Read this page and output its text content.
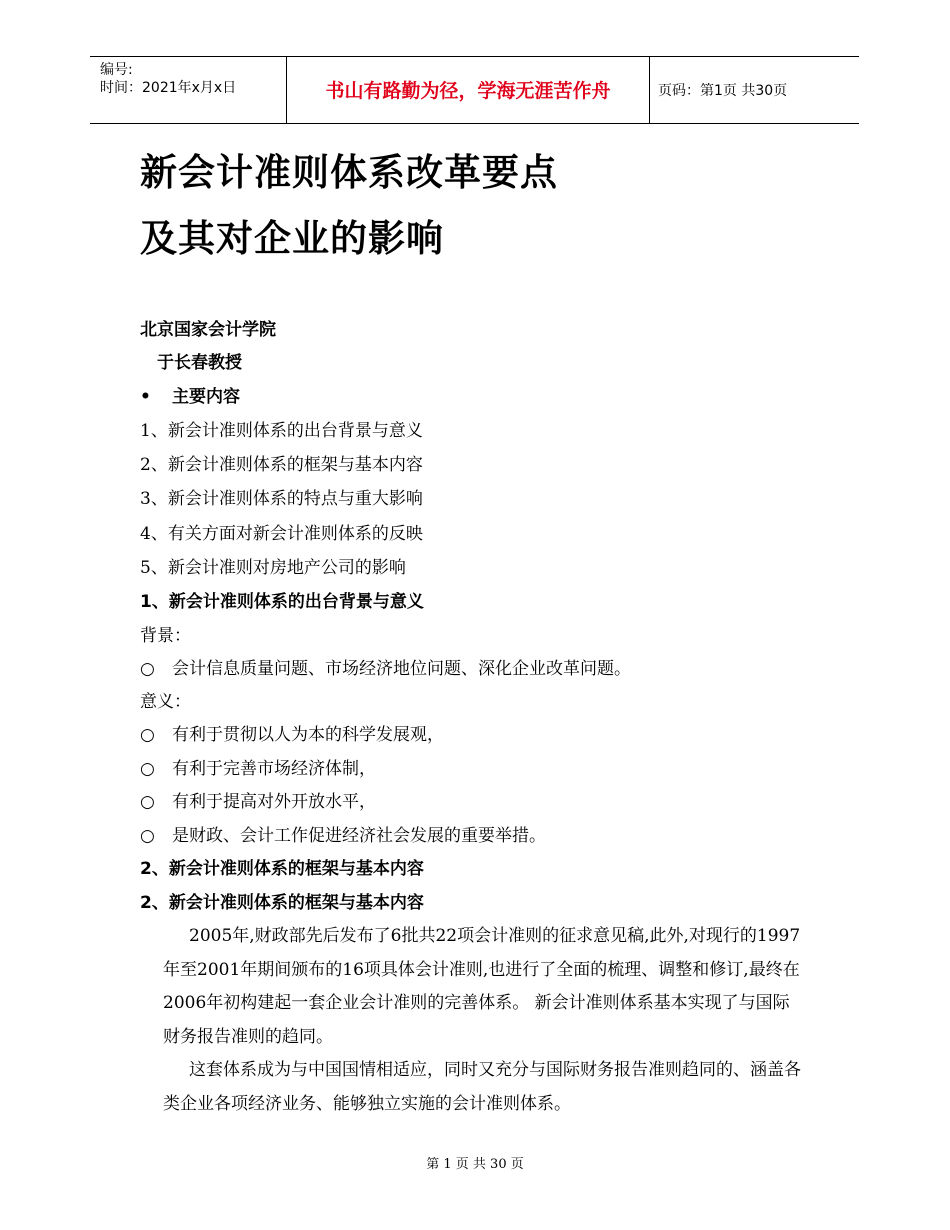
编号:
时间：2021年x月x日	书山有路勤为径，学海无涯苦作舟	页码：第1页 共30页
新会计准则体系改革要点
及其对企业的影响
北京国家会计学院
于长春教授
• 主要内容
1、新会计准则体系的出台背景与意义
2、新会计准则体系的框架与基本内容
3、新会计准则体系的特点与重大影响
4、有关方面对新会计准则体系的反映
5、新会计准则对房地产公司的影响
1、新会计准则体系的出台背景与意义
背景：
○ 会计信息质量问题、市场经济地位问题、深化企业改革问题。
意义：
○ 有利于贯彻以人为本的科学发展观，
○ 有利于完善市场经济体制，
○ 有利于提高对外开放水平，
○ 是财政、会计工作促进经济社会发展的重要举措。
2、新会计准则体系的框架与基本内容
2、新会计准则体系的框架与基本内容

2005年,财政部先后发布了6批共22项会计准则的征求意见稿,此外,对现行的1997年至2001年期间颁布的16项具体会计准则,也进行了全面的梳理、调整和修订,最终在2006年初构建起一套企业会计准则的完善体系。 新会计准则体系基本实现了与国际财务报告准则的趋同。

这套体系成为与中国国情相适应，同时又充分与国际财务报告准则趋同的、涵盖各类企业各项经济业务、能够独立实施的会计准则体系。

第 1 页 共 30 页
